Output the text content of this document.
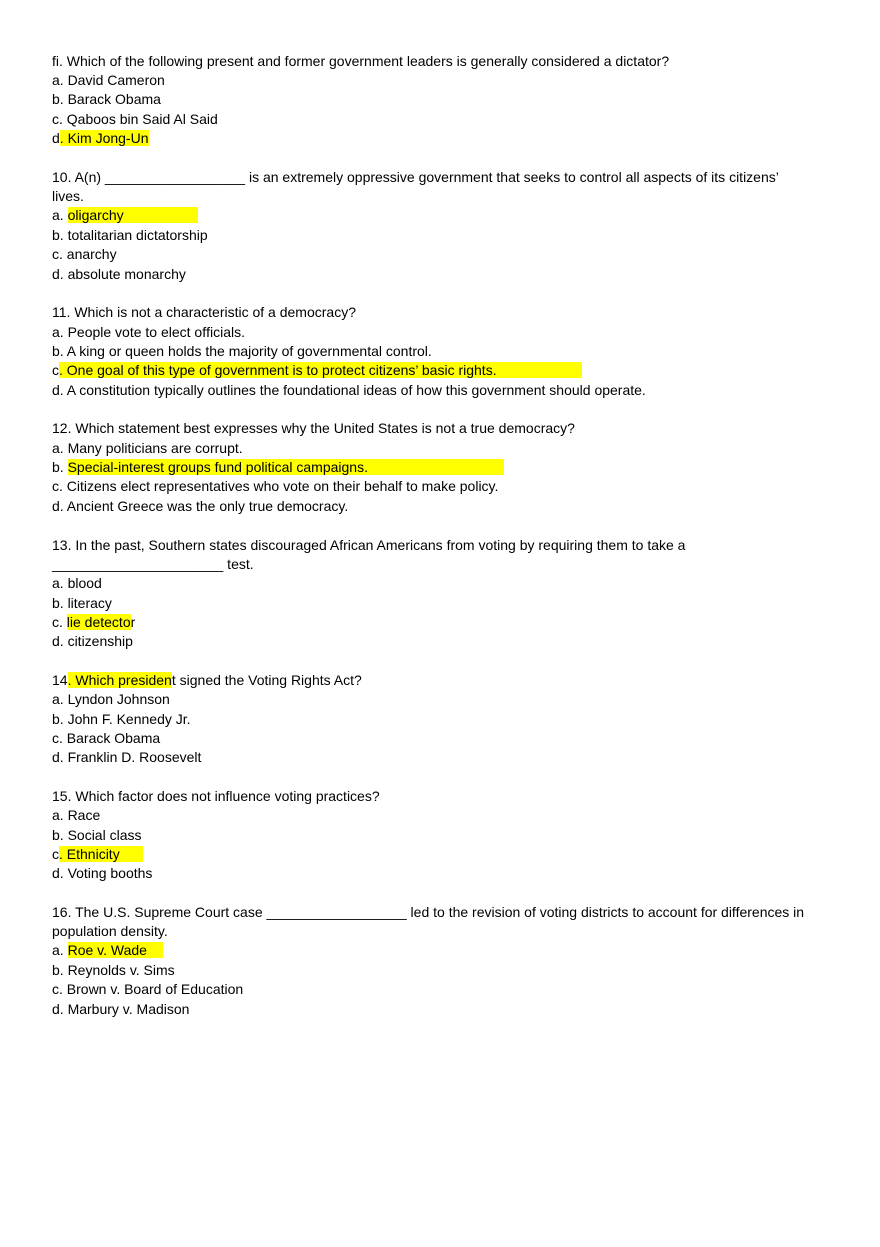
fi. Which of the following present and former government leaders is generally considered a dictator?
a. David Cameron
b. Barack Obama
c. Qaboos bin Said Al Said
d. Kim Jong-Un
10. A(n) __________________ is an extremely oppressive government that seeks to control all aspects of its citizens’
lives.
a. oligarchy
b. totalitarian dictatorship
c. anarchy
d. absolute monarchy
11. Which is not a characteristic of a democracy?
a. People vote to elect ofﬁcials.
b. A king or queen holds the majority of governmental control.
c. One goal of this type of government is to protect citizens’ basic rights.
d. A constitution typically outlines the foundational ideas of how this government should operate.
12. Which statement best expresses why the United States is not a true democracy?
a. Many politicians are corrupt.
b. Special-interest groups fund political campaigns.
c. Citizens elect representatives who vote on their behalf to make policy.
d. Ancient Greece was the only true democracy.
13. In the past, Southern states discouraged African Americans from voting by requiring them to take a
______________________ test.
a. blood
b. literacy
c. lie detector
d. citizenship
14. Which president signed the Voting Rights Act?
a. Lyndon Johnson
b. John F. Kennedy Jr.
c. Barack Obama
d. Franklin D. Roosevelt
15. Which factor does not influence voting practices?
a. Race
b. Social class
c. Ethnicity
d. Voting booths
16. The U.S. Supreme Court case __________________ led to the revision of voting districts to account for differences in
population density.
a. Roe v. Wade
b. Reynolds v. Sims
c. Brown v. Board of Education
d. Marbury v. Madison
